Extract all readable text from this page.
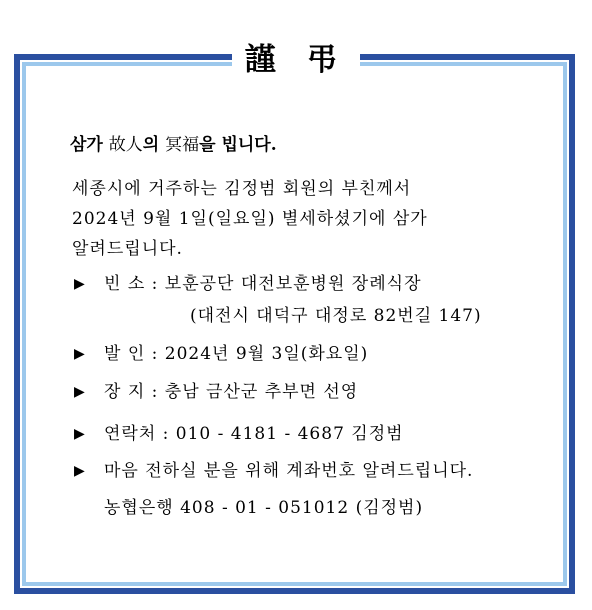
謹 弔
삼가 故人의 冥福을 빕니다.
세종시에 거주하는 김정범 회원의 부친께서
2024년 9월 1일(일요일) 별세하셨기에 삼가
알려드립니다.
▶ 빈 소 : 보훈공단 대전보훈병원 장례식장
(대전시 대덕구 대정로 82번길 147)
▶ 발 인 : 2024년 9월 3일(화요일)
▶ 장 지 : 충남 금산군 추부면 선영
▶ 연락처 : 010 - 4181 - 4687 김정범
▶ 마음 전하실 분을 위해 계좌번호 알려드립니다.
농협은행 408 - 01 - 051012 (김정범)
